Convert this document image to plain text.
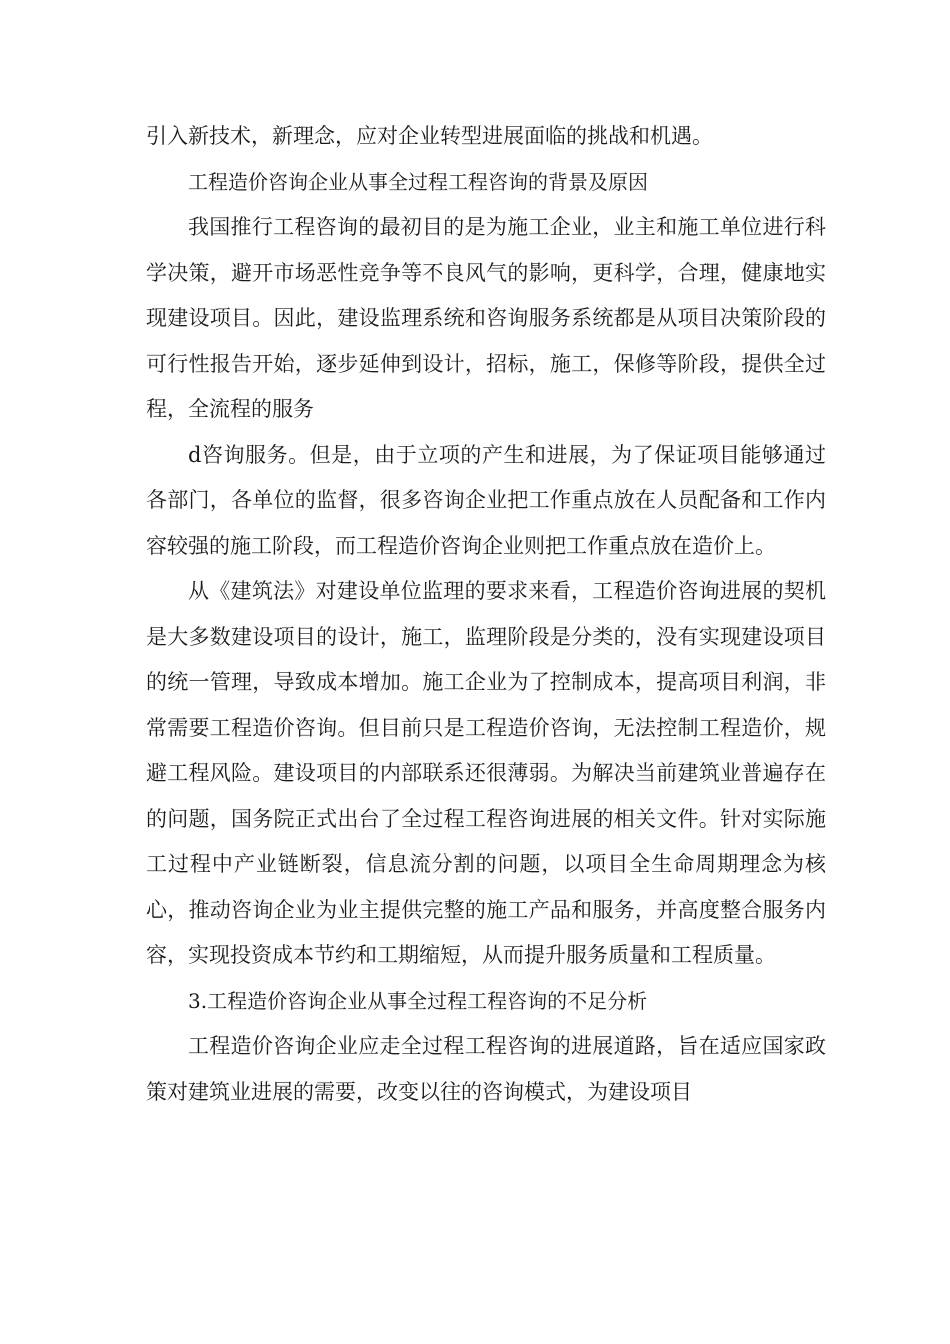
引入新技术，新理念，应对企业转型进展面临的挑战和机遇。

工程造价咨询企业从事全过程工程咨询的背景及原因

我国推行工程咨询的最初目的是为施工企业，业主和施工单位进行科学决策，避开市场恶性竞争等不良风气的影响，更科学，合理，健康地实现建设项目。因此，建设监理系统和咨询服务系统都是从项目决策阶段的可行性报告开始，逐步延伸到设计，招标，施工，保修等阶段，提供全过程，全流程的服务

d咨询服务。但是，由于立项的产生和进展，为了保证项目能够通过各部门，各单位的监督，很多咨询企业把工作重点放在人员配备和工作内容较强的施工阶段，而工程造价咨询企业则把工作重点放在造价上。

从《建筑法》对建设单位监理的要求来看，工程造价咨询进展的契机是大多数建设项目的设计，施工，监理阶段是分类的，没有实现建设项目的统一管理，导致成本增加。施工企业为了控制成本，提高项目利润，非常需要工程造价咨询。但目前只是工程造价咨询，无法控制工程造价，规避工程风险。建设项目的内部联系还很薄弱。为解决当前建筑业普遍存在的问题，国务院正式出台了全过程工程咨询进展的相关文件。针对实际施工过程中产业链断裂，信息流分割的问题，以项目全生命周期理念为核心，推动咨询企业为业主提供完整的施工产品和服务，并高度整合服务内容，实现投资成本节约和工期缩短，从而提升服务质量和工程质量。

3.工程造价咨询企业从事全过程工程咨询的不足分析

工程造价咨询企业应走全过程工程咨询的进展道路，旨在适应国家政策对建筑业进展的需要，改变以往的咨询模式，为建设项目
